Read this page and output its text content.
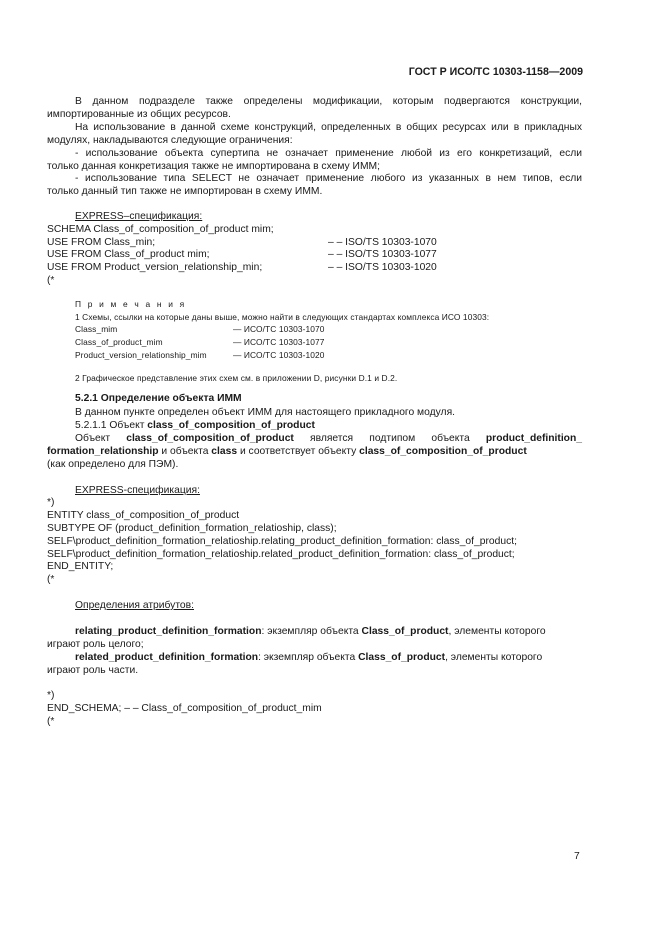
ГОСТ Р ИСО/ТС 10303-1158—2009
В данном подразделе также определены модификации, которым подвергаются конструкции,
импортированные из общих ресурсов.
На использование в данной схеме конструкций, определенных в общих ресурсах или в прикладных
модулях, накладываются следующие ограничения:
- использование объекта супертипа не означает применение любой из его конкретизаций, если
только данная конкретизация также не импортирована в схему ИММ;
- использование типа SELECT не означает применение любого из указанных в нем типов, если
только данный тип также не импортирован в схему ИММ.
EXPRESS–спецификация:
SCHEMA Class_of_composition_of_product mim;
USE FROM Class_min;	– – ISO/TS 10303-1070
USE FROM Class_of_product mim;	– – ISO/TS 10303-1077
USE FROM Product_version_relationship_min;	– – ISO/TS 10303-1020
(*
П р и м е ч а н и я
1 Схемы, ссылки на которые даны выше, можно найти в следующих стандартах комплекса ИСО 10303:
Class_mim	— ИСО/ТС 10303-1070
Class_of_product_mim	— ИСО/ТС 10303-1077
Product_version_relationship_mim	— ИСО/ТС 10303-1020
2 Графическое представление этих схем см. в приложении D, рисунки D.1 и D.2.
5.2.1 Определение объекта ИММ
В данном пункте определен объект ИММ для настоящего прикладного модуля.
5.2.1.1 Объект class_of_composition_of_product
Объект class_of_composition_of_product является подтипом объекта product_definition_
formation_relationship и объекта class и соответствует объекту class_of_composition_of_product
(как определено для ПЭМ).
EXPRESS-спецификация:
*)
ENTITY class_of_composition_of_product
SUBTYPE OF (product_definition_formation_relatioship, class);
SELF\product_definition_formation_relatioship.relating_product_definition_formation: class_of_product;
SELF\product_definition_formation_relatioship.related_product_definition_formation: class_of_product;
END_ENTITY;
(*
Определения атрибутов:
relating_product_definition_formation: экземпляр объекта Class_of_product, элементы которого
играют роль целого;
related_product_definition_formation: экземпляр объекта Class_of_product, элементы которого
играют роль части.
*)
END_SCHEMA; – – Class_of_composition_of_product_mim
(*
7
